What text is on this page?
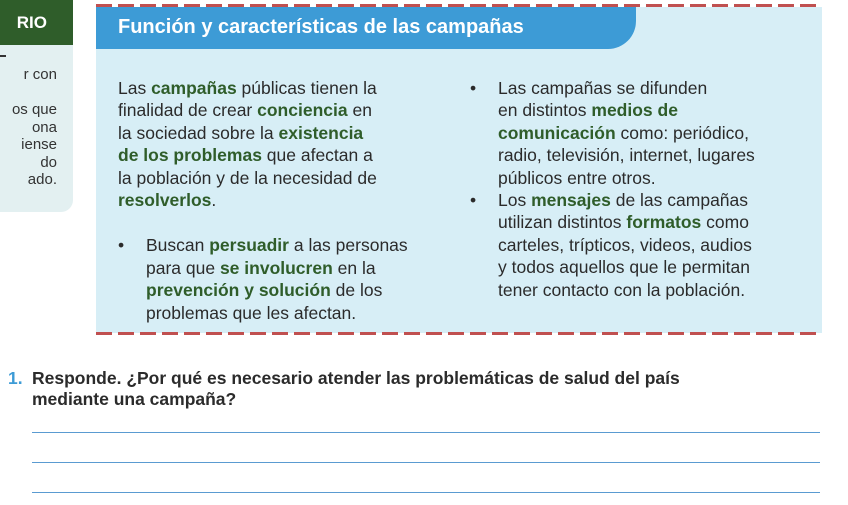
RIO
r con

os que
ona
iense
do
ado.
Función y características de las campañas

Las campañas públicas tienen la
finalidad de crear conciencia en
la sociedad sobre la existencia
de los problemas que afectan a
la población y de la necesidad de
resolverlos.

• Buscan persuadir a las personas
para que se involucren en la
prevención y solución de los
problemas que les afectan.
• Las campañas se difunden
en distintos medios de
comunicación como: periódico,
radio, televisión, internet, lugares
públicos entre otros.
• Los mensajes de las campañas
utilizan distintos formatos como
carteles, trípticos, videos, audios
y todos aquellos que le permitan
tener contacto con la población.
1. Responde. ¿Por qué es necesario atender las problemáticas de salud del país
mediante una campaña?
